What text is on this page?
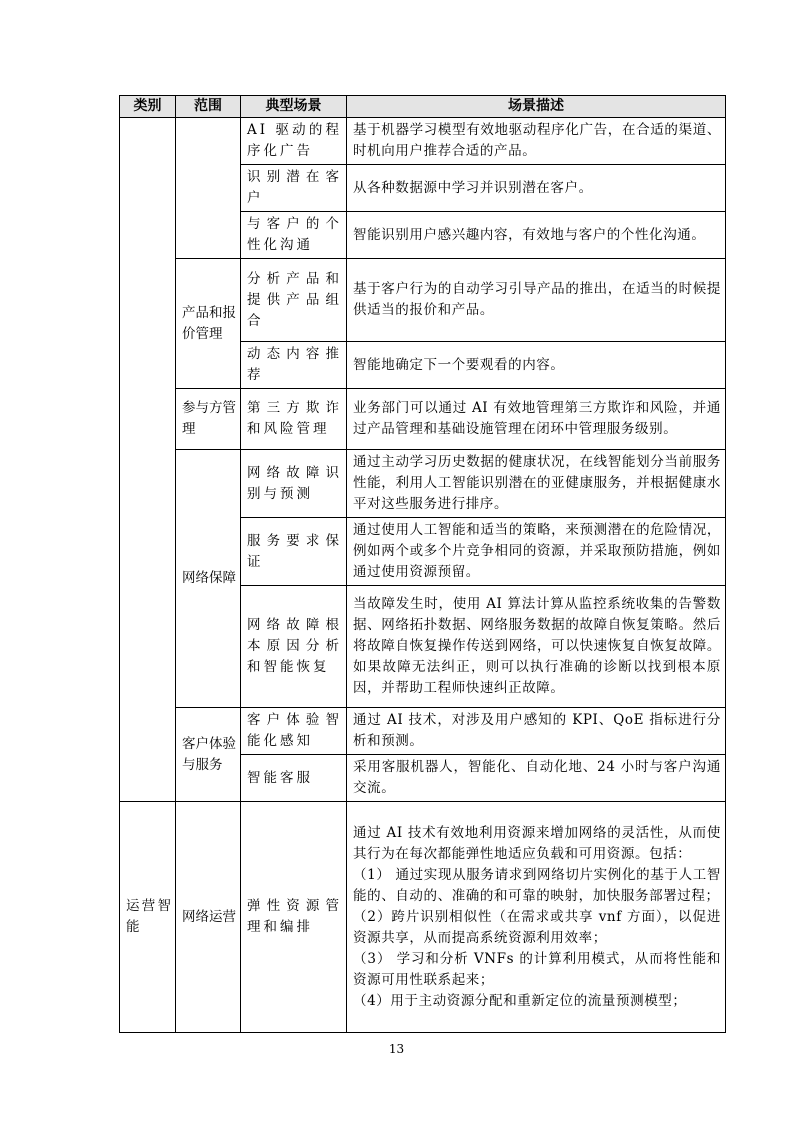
类别	范围	典型场景	场景描述
		AI 驱动的程序化广告	基于机器学习模型有效地驱动程序化广告，在合适的渠道、时机向用户推荐合适的产品。
		识别潜在客户	从各种数据源中学习并识别潜在客户。
		与客户的个性化沟通	智能识别用户感兴趣内容，有效地与客户的个性化沟通。
	产品和报价管理	分析产品和提供产品组合	基于客户行为的自动学习引导产品的推出，在适当的时候提供适当的报价和产品。
		动态内容推荐	智能地确定下一个要观看的内容。
	参与方管理	第三方欺诈和风险管理	业务部门可以通过 AI 有效地管理第三方欺诈和风险，并通过产品管理和基础设施管理在闭环中管理服务级别。
	网络保障	网络故障识别与预测	通过主动学习历史数据的健康状况，在线智能划分当前服务性能，利用人工智能识别潜在的亚健康服务，并根据健康水平对这些服务进行排序。
		服务要求保证	通过使用人工智能和适当的策略，来预测潜在的危险情况，例如两个或多个片竞争相同的资源，并采取预防措施，例如通过使用资源预留。
		网络故障根本原因分析和智能恢复	当故障发生时，使用 AI 算法计算从监控系统收集的告警数据、网络拓扑数据、网络服务数据的故障自恢复策略。然后将故障自恢复操作传送到网络，可以快速恢复自恢复故障。如果故障无法纠正，则可以执行准确的诊断以找到根本原因，并帮助工程师快速纠正故障。
	客户体验与服务	客户体验智能化感知	通过 AI 技术，对涉及用户感知的 KPI、QoE 指标进行分析和预测。
		智能客服	采用客服机器人，智能化、自动化地、24 小时与客户沟通交流。
运营智能	网络运营	弹性资源管理和编排	通过 AI 技术有效地利用资源来增加网络的灵活性，从而使其行为在每次都能弹性地适应负载和可用资源。包括：
（1） 通过实现从服务请求到网络切片实例化的基于人工智能的、自动的、准确的和可靠的映射，加快服务部署过程；
（2）跨片识别相似性（在需求或共享 vnf 方面），以促进资源共享，从而提高系统资源利用效率；
（3） 学习和分析 VNFs 的计算利用模式，从而将性能和资源可用性联系起来；
（4）用于主动资源分配和重新定位的流量预测模型；
13
